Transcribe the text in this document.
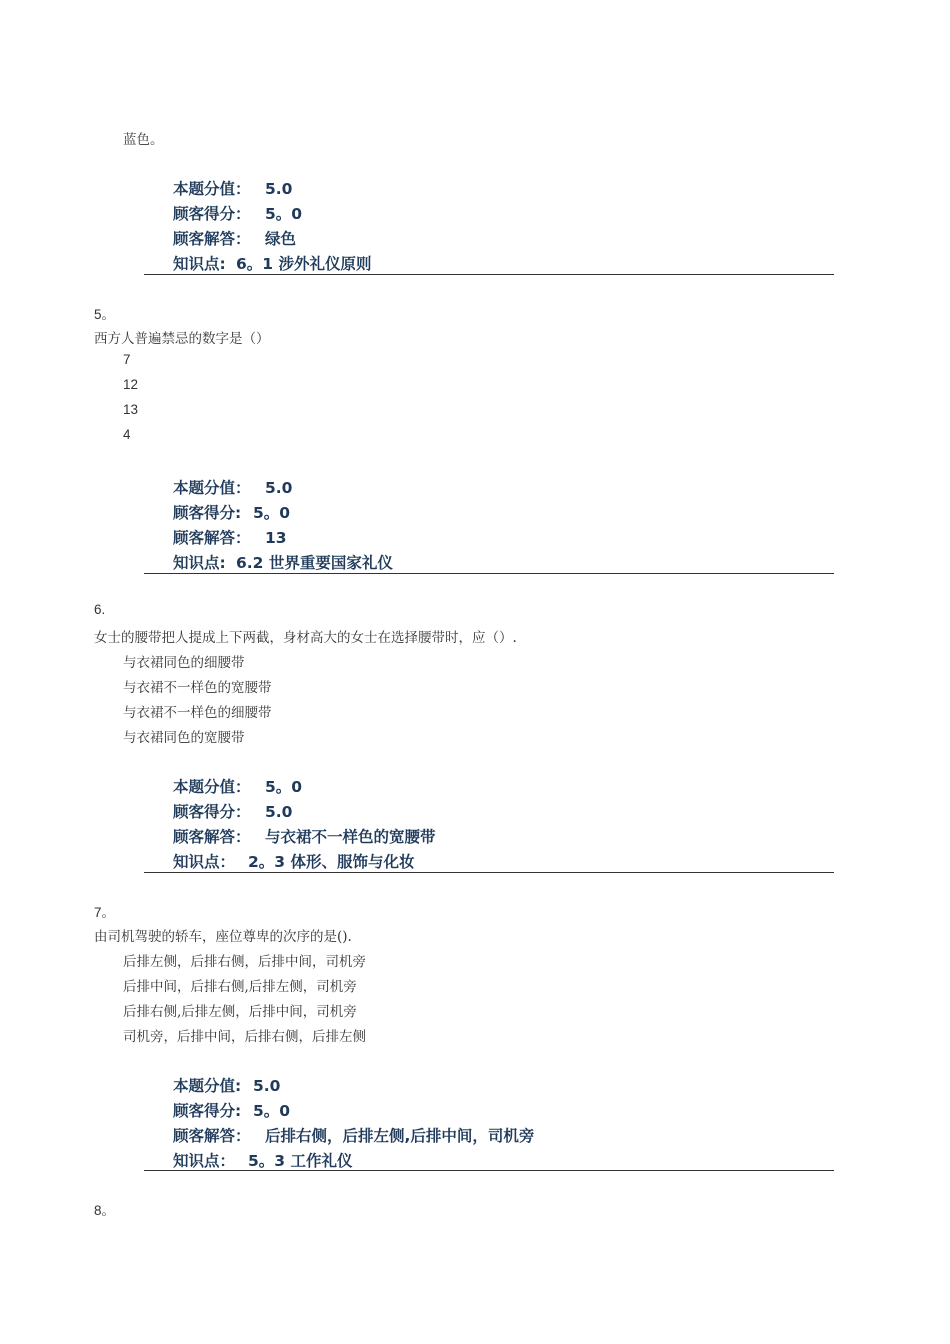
蓝色。
本题分值： 5.0
顾客得分： 5。0
顾客解答： 绿色
知识点: 6。1 涉外礼仪原则
5。
西方人普遍禁忌的数字是（）
7
12
13
4
本题分值： 5.0
顾客得分: 5。0
顾客解答： 13
知识点: 6.2 世界重要国家礼仪
6.
女士的腰带把人提成上下两截，身材高大的女士在选择腰带时，应（）.
与衣裙同色的细腰带
与衣裙不一样色的宽腰带
与衣裙不一样色的细腰带
与衣裙同色的宽腰带
本题分值： 5。0
顾客得分： 5.0
顾客解答： 与衣裙不一样色的宽腰带
知识点： 2。3 体形、服饰与化妆
7。
由司机驾驶的轿车，座位尊卑的次序的是().
后排左侧，后排右侧，后排中间，司机旁
后排中间，后排右侧,后排左侧，司机旁
后排右侧,后排左侧，后排中间，司机旁
司机旁，后排中间，后排右侧，后排左侧
本题分值: 5.0
顾客得分: 5。0
顾客解答： 后排右侧，后排左侧,后排中间，司机旁
知识点： 5。3 工作礼仪
8。
